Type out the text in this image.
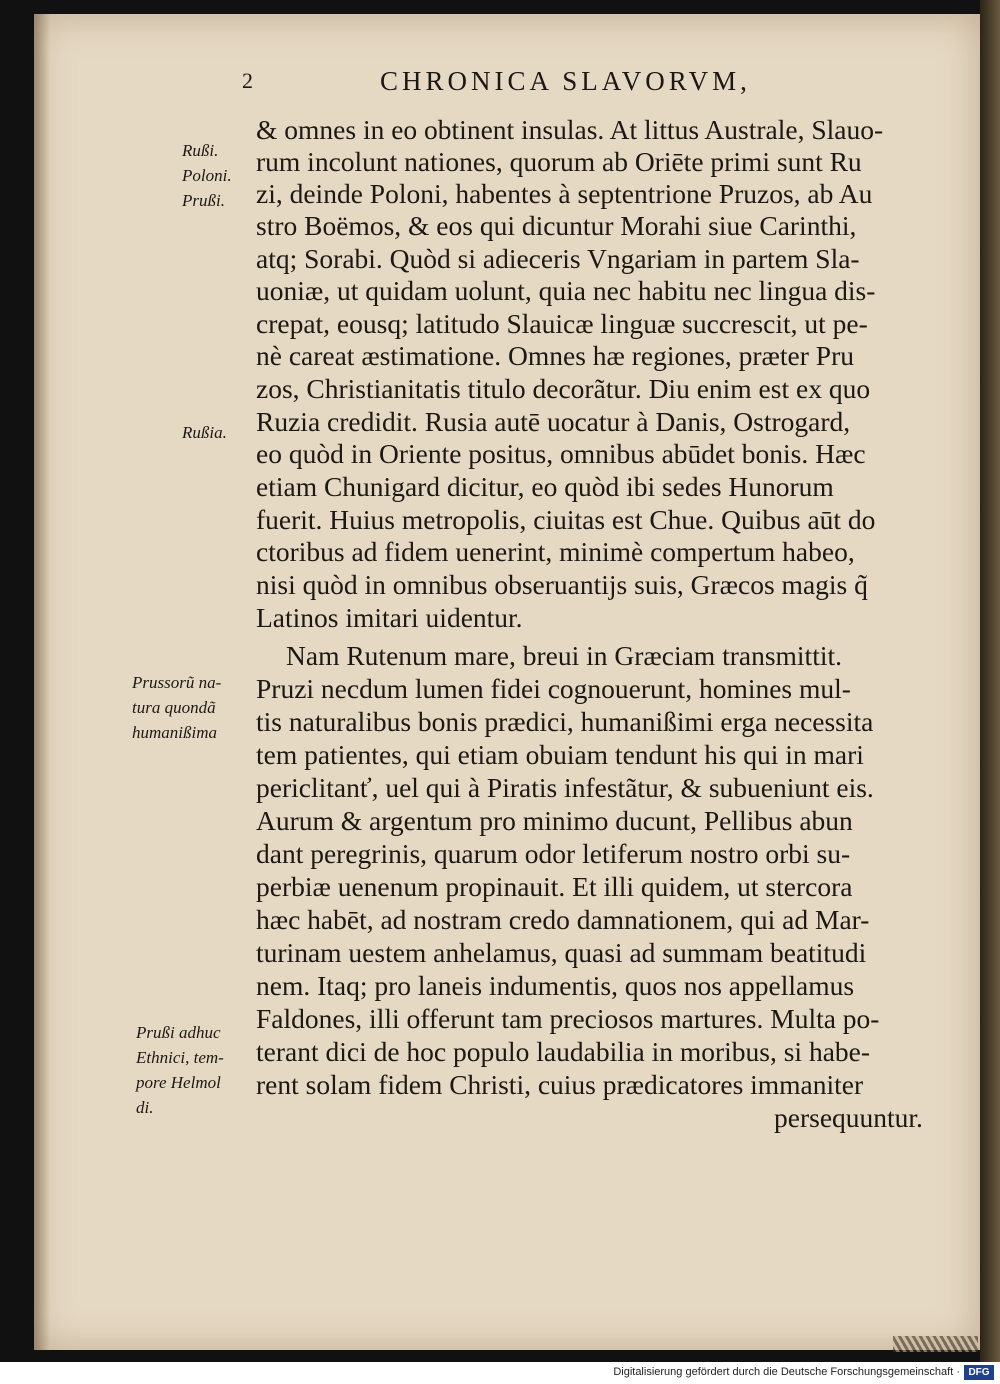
2	CHRONICA SLAVORVM,
& omnes in eo obtinent insulas. At littus Australe, Slauo-
rum incolunt nationes, quorum ab Oriēte primi sunt Ru
zi, deinde Poloni, habentes à septentrione Pruzos, ab Au
stro Boëmos, & eos qui dicuntur Morahi siue Carinthi,
atq; Sorabi. Quòd si adieceris Vngariam in partem Sla-
uoniæ, ut quidam uolunt, quia nec habitu nec lingua dis-
crepat, eousq; latitudo Slauicæ linguæ succrescit, ut pe-
nè careat æstimatione. Omnes hæ regiones, præter Pru
zos, Christianitatis titulo decorãtur. Diu enim est ex quo
Ruzia credidit. Rusia autē uocatur à Danis, Ostrogard,
eo quòd in Oriente positus, omnibus abūdet bonis. Hæc
etiam Chunigard dicitur, eo quòd ibi sedes Hunorum
fuerit. Huius metropolis, ciuitas est Chue. Quibus aūt do
ctoribus ad fidem uenerint, minimè compertum habeo,
nisi quòd in omnibus obseruantijs suis, Græcos magis q̃
Latinos imitari uidentur.
Nam Rutenum mare, breui in Græciam transmittit.
Pruzi necdum lumen fidei cognouerunt, homines mul-
tis naturalibus bonis prædici, humanißimi erga necessita
tem patientes, qui etiam obuiam tendunt his qui in mari
periclitanť, uel qui à Piratis infestãtur, & subueniunt eis.
Aurum & argentum pro minimo ducunt, Pellibus abun
dant peregrinis, quarum odor letiferum nostro orbi su-
perbiæ uenenum propinauit. Et illi quidem, ut stercora
hæc habēt, ad nostram credo damnationem, qui ad Mar-
turinam uestem anhelamus, quasi ad summam beatitudi
nem. Itaq; pro laneis indumentis, quos nos appellamus
Faldones, illi offerunt tam preciosos martures. Multa po-
terant dici de hoc populo laudabilia in moribus, si habe-
rent solam fidem Christi, cuius prædicatores immaniter
persequuntur.
Rußi.
Poloni.
Prußi.
Rußia.
Prussorũ na-
tura quondã
humanißima
Prußi adhuc
Ethnici, tem-
pore Helmol
di.
Digitalisierung gefördert durch die Deutsche Forschungsgemeinschaft · DFG
